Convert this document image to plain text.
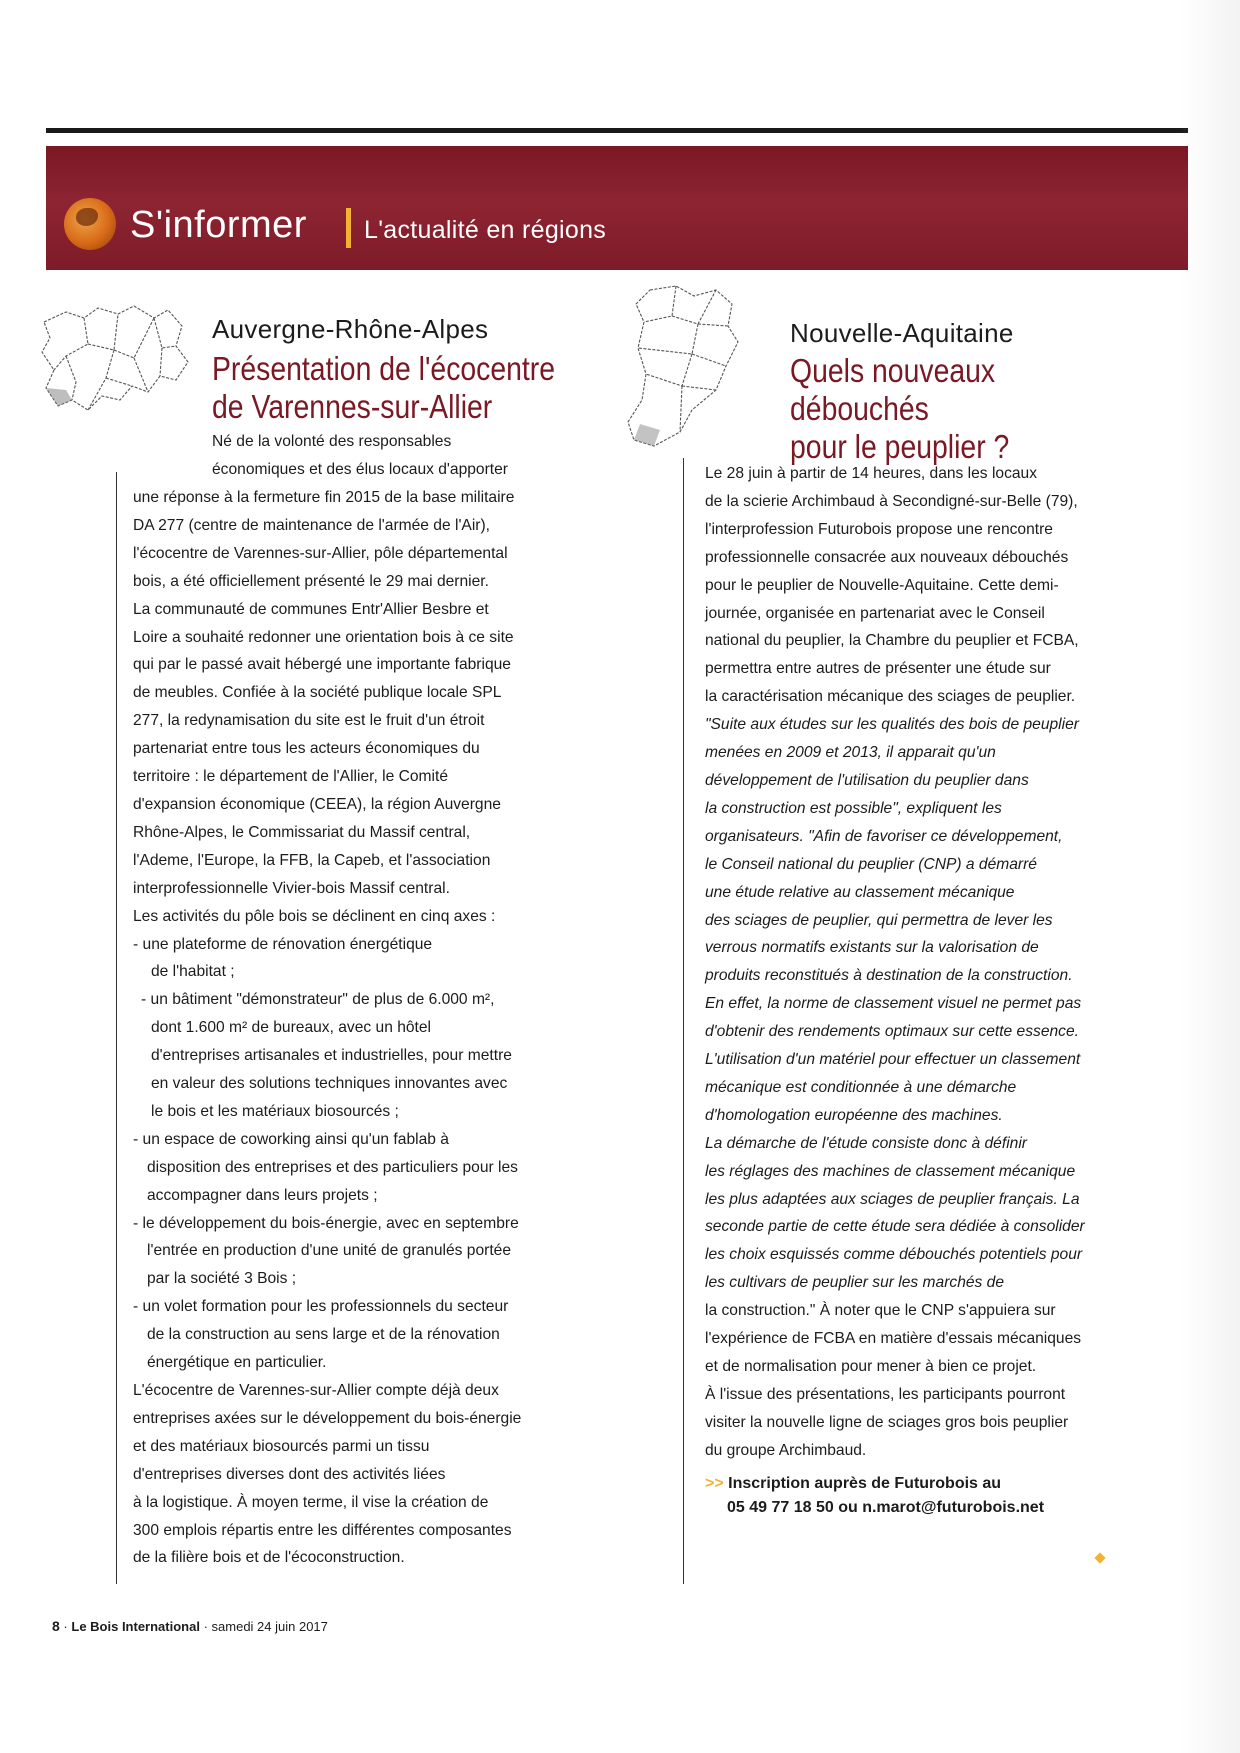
S'informer L'actualité en régions
Auvergne-Rhône-Alpes
Présentation de l'écocentre
de Varennes-sur-Allier
Né de la volonté des responsables
économiques et des élus locaux d'apporter
une réponse à la fermeture fin 2015 de la base militaire
DA 277 (centre de maintenance de l'armée de l'Air),
l'écocentre de Varennes-sur-Allier, pôle départemental
bois, a été officiellement présenté le 29 mai dernier.
La communauté de communes Entr'Allier Besbre et
Loire a souhaité redonner une orientation bois à ce site
qui par le passé avait hébergé une importante fabrique
de meubles. Confiée à la société publique locale SPL
277, la redynamisation du site est le fruit d'un étroit
partenariat entre tous les acteurs économiques du
territoire : le département de l'Allier, le Comité
d'expansion économique (CEEA), la région Auvergne
Rhône-Alpes, le Commissariat du Massif central,
l'Ademe, l'Europe, la FFB, la Capeb, et l'association
interprofessionnelle Vivier-bois Massif central.
Les activités du pôle bois se déclinent en cinq axes :
- une plateforme de rénovation énergétique
de l'habitat ;
- un bâtiment "démonstrateur" de plus de 6.000 m²,
dont 1.600 m² de bureaux, avec un hôtel
d'entreprises artisanales et industrielles, pour mettre
en valeur des solutions techniques innovantes avec
le bois et les matériaux biosourcés ;
- un espace de coworking ainsi qu'un fablab à
disposition des entreprises et des particuliers pour les
accompagner dans leurs projets ;
- le développement du bois-énergie, avec en septembre
l'entrée en production d'une unité de granulés portée
par la société 3 Bois ;
- un volet formation pour les professionnels du secteur
de la construction au sens large et de la rénovation
énergétique en particulier.
L'écocentre de Varennes-sur-Allier compte déjà deux
entreprises axées sur le développement du bois-énergie
et des matériaux biosourcés parmi un tissu
d'entreprises diverses dont des activités liées
à la logistique. À moyen terme, il vise la création de
300 emplois répartis entre les différentes composantes
de la filière bois et de l'écoconstruction.
Nouvelle-Aquitaine
Quels nouveaux
débouchés
pour le peuplier ?
Le 28 juin à partir de 14 heures, dans les locaux
de la scierie Archimbaud à Secondigné-sur-Belle (79),
l'interprofession Futurobois propose une rencontre
professionnelle consacrée aux nouveaux débouchés
pour le peuplier de Nouvelle-Aquitaine. Cette demi-
journée, organisée en partenariat avec le Conseil
national du peuplier, la Chambre du peuplier et FCBA,
permettra entre autres de présenter une étude sur
la caractérisation mécanique des sciages de peuplier.
"Suite aux études sur les qualités des bois de peuplier
menées en 2009 et 2013, il apparait qu'un
développement de l'utilisation du peuplier dans
la construction est possible", expliquent les
organisateurs. "Afin de favoriser ce développement,
le Conseil national du peuplier (CNP) a démarré
une étude relative au classement mécanique
des sciages de peuplier, qui permettra de lever les
verrous normatifs existants sur la valorisation de
produits reconstitués à destination de la construction.
En effet, la norme de classement visuel ne permet pas
d'obtenir des rendements optimaux sur cette essence.
L'utilisation d'un matériel pour effectuer un classement
mécanique est conditionnée à une démarche
d'homologation européenne des machines.
La démarche de l'étude consiste donc à définir
les réglages des machines de classement mécanique
les plus adaptées aux sciages de peuplier français. La
seconde partie de cette étude sera dédiée à consolider
les choix esquissés comme débouchés potentiels pour
les cultivars de peuplier sur les marchés de
la construction." À noter que le CNP s'appuiera sur
l'expérience de FCBA en matière d'essais mécaniques
et de normalisation pour mener à bien ce projet.
À l'issue des présentations, les participants pourront
visiter la nouvelle ligne de sciages gros bois peuplier
du groupe Archimbaud.
>> Inscription auprès de Futurobois au
05 49 77 18 50 ou n.marot@futurobois.net
8 · Le Bois International · samedi 24 juin 2017
